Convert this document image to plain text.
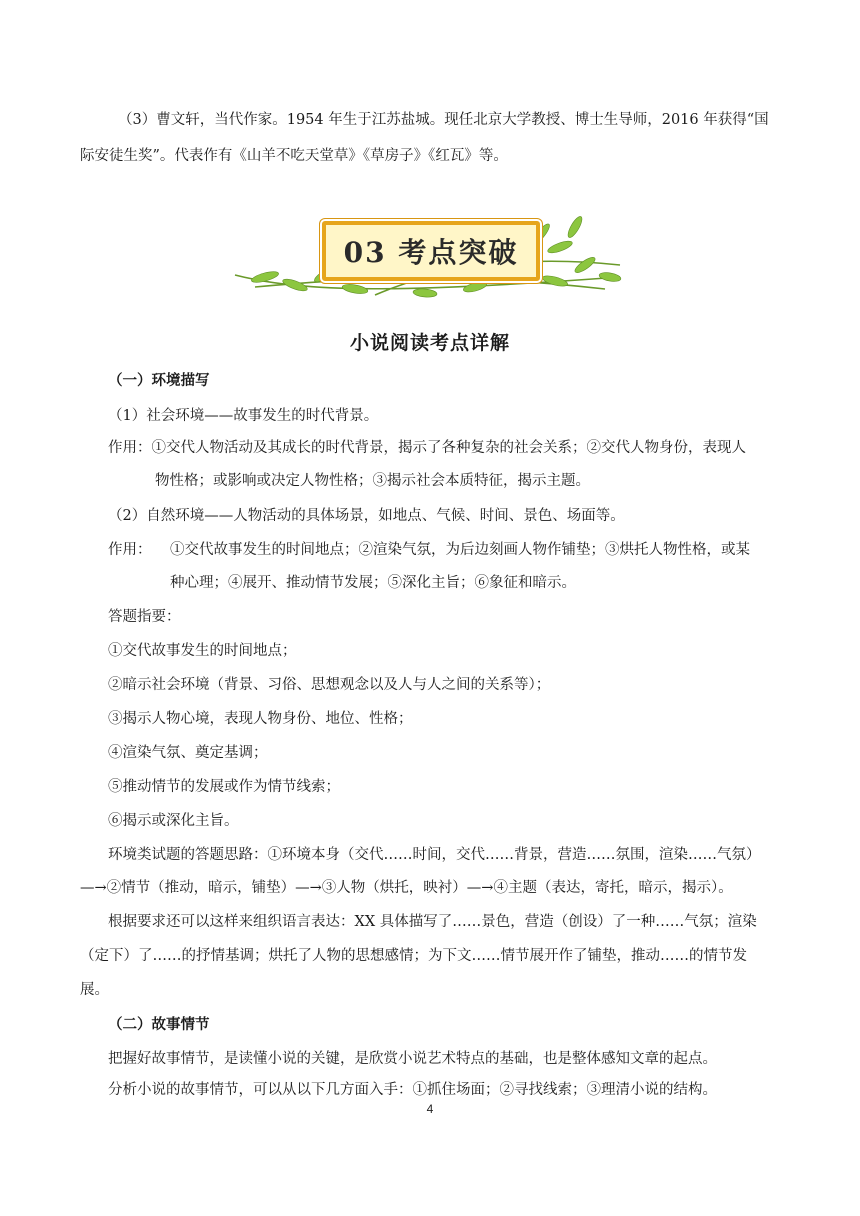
（3）曹文轩，当代作家。1954 年生于江苏盐城。现任北京大学教授、博士生导师，2016 年获得“国
际安徒生奖”。代表作有《山羊不吃天堂草》《草房子》《红瓦》等。
03 考点突破
小说阅读考点详解
（一）环境描写
（1）社会环境——故事发生的时代背景。
作用：①交代人物活动及其成长的时代背景，揭示了各种复杂的社会关系；②交代人物身份，表现人
物性格；或影响或决定人物性格；③揭示社会本质特征，揭示主题。
（2）自然环境——人物活动的具体场景，如地点、气候、时间、景色、场面等。
作用： ①交代故事发生的时间地点；②渲染气氛，为后边刻画人物作铺垫；③烘托人物性格，或某
种心理；④展开、推动情节发展；⑤深化主旨；⑥象征和暗示。
答题指要：
①交代故事发生的时间地点；
②暗示社会环境（背景、习俗、思想观念以及人与人之间的关系等）；
③揭示人物心境，表现人物身份、地位、性格；
④渲染气氛、奠定基调；
⑤推动情节的发展或作为情节线索；
⑥揭示或深化主旨。
环境类试题的答题思路：①环境本身（交代……时间，交代……背景，营造……氛围，渲染……气氛）
—→②情节（推动，暗示，铺垫）—→③人物（烘托，映衬）—→④主题（表达，寄托，暗示，揭示）。
根据要求还可以这样来组织语言表达：XX 具体描写了……景色，营造（创设）了一种……气氛；渲染
（定下）了……的抒情基调；烘托了人物的思想感情；为下文……情节展开作了铺垫，推动……的情节发
展。
（二）故事情节
把握好故事情节，是读懂小说的关键，是欣赏小说艺术特点的基础，也是整体感知文章的起点。
分析小说的故事情节，可以从以下几方面入手：①抓住场面；②寻找线索；③理清小说的结构。
4
